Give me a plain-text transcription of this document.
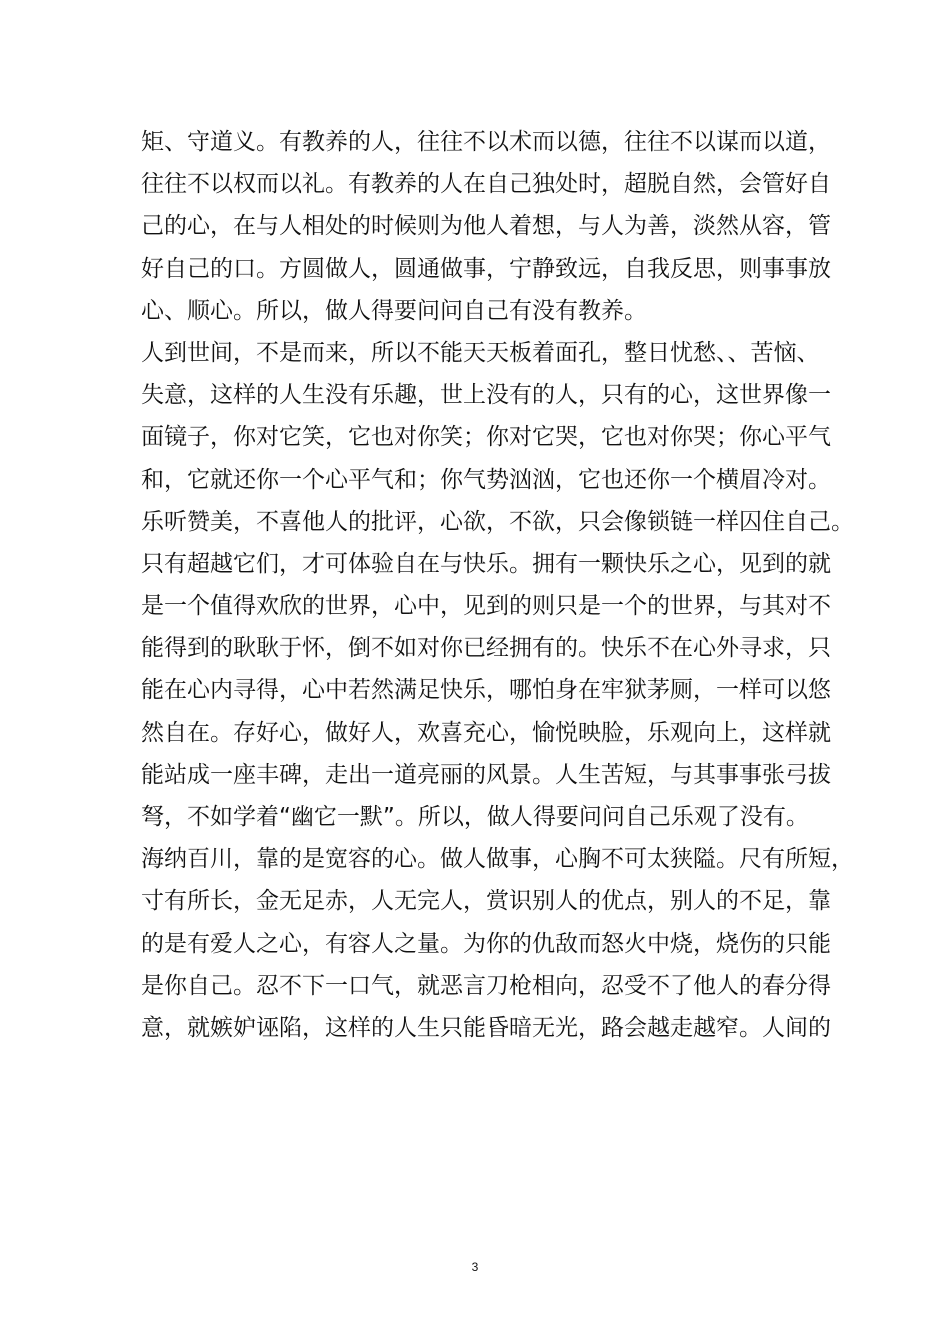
矩、守道义。有教养的人，往往不以术而以德，往往不以谋而以道，
往往不以权而以礼。有教养的人在自己独处时，超脱自然，会管好自
己的心，在与人相处的时候则为他人着想，与人为善，淡然从容，管
好自己的口。方圆做人，圆通做事，宁静致远，自我反思，则事事放
心、顺心。所以，做人得要问问自己有没有教养。
人到世间，不是而来，所以不能天天板着面孔，整日忧愁、、苦恼、
失意，这样的人生没有乐趣，世上没有的人，只有的心，这世界像一
面镜子，你对它笑，它也对你笑；你对它哭，它也对你哭；你心平气
和，它就还你一个心平气和；你气势汹汹，它也还你一个横眉冷对。
乐听赞美，不喜他人的批评，心欲，不欲，只会像锁链一样囚住自己。
只有超越它们，才可体验自在与快乐。拥有一颗快乐之心，见到的就
是一个值得欢欣的世界，心中，见到的则只是一个的世界，与其对不
能得到的耿耿于怀，倒不如对你已经拥有的。快乐不在心外寻求，只
能在心内寻得，心中若然满足快乐，哪怕身在牢狱茅厕，一样可以悠
然自在。存好心，做好人，欢喜充心，愉悦映脸，乐观向上，这样就
能站成一座丰碑，走出一道亮丽的风景。人生苦短，与其事事张弓拔
弩，不如学着“幽它一默”。所以，做人得要问问自己乐观了没有。
海纳百川，靠的是宽容的心。做人做事，心胸不可太狭隘。尺有所短，
寸有所长，金无足赤，人无完人，赏识别人的优点，别人的不足，靠
的是有爱人之心，有容人之量。为你的仇敌而怒火中烧，烧伤的只能
是你自己。忍不下一口气，就恶言刀枪相向，忍受不了他人的春分得
意，就嫉妒诬陷，这样的人生只能昏暗无光，路会越走越窄。人间的
3
